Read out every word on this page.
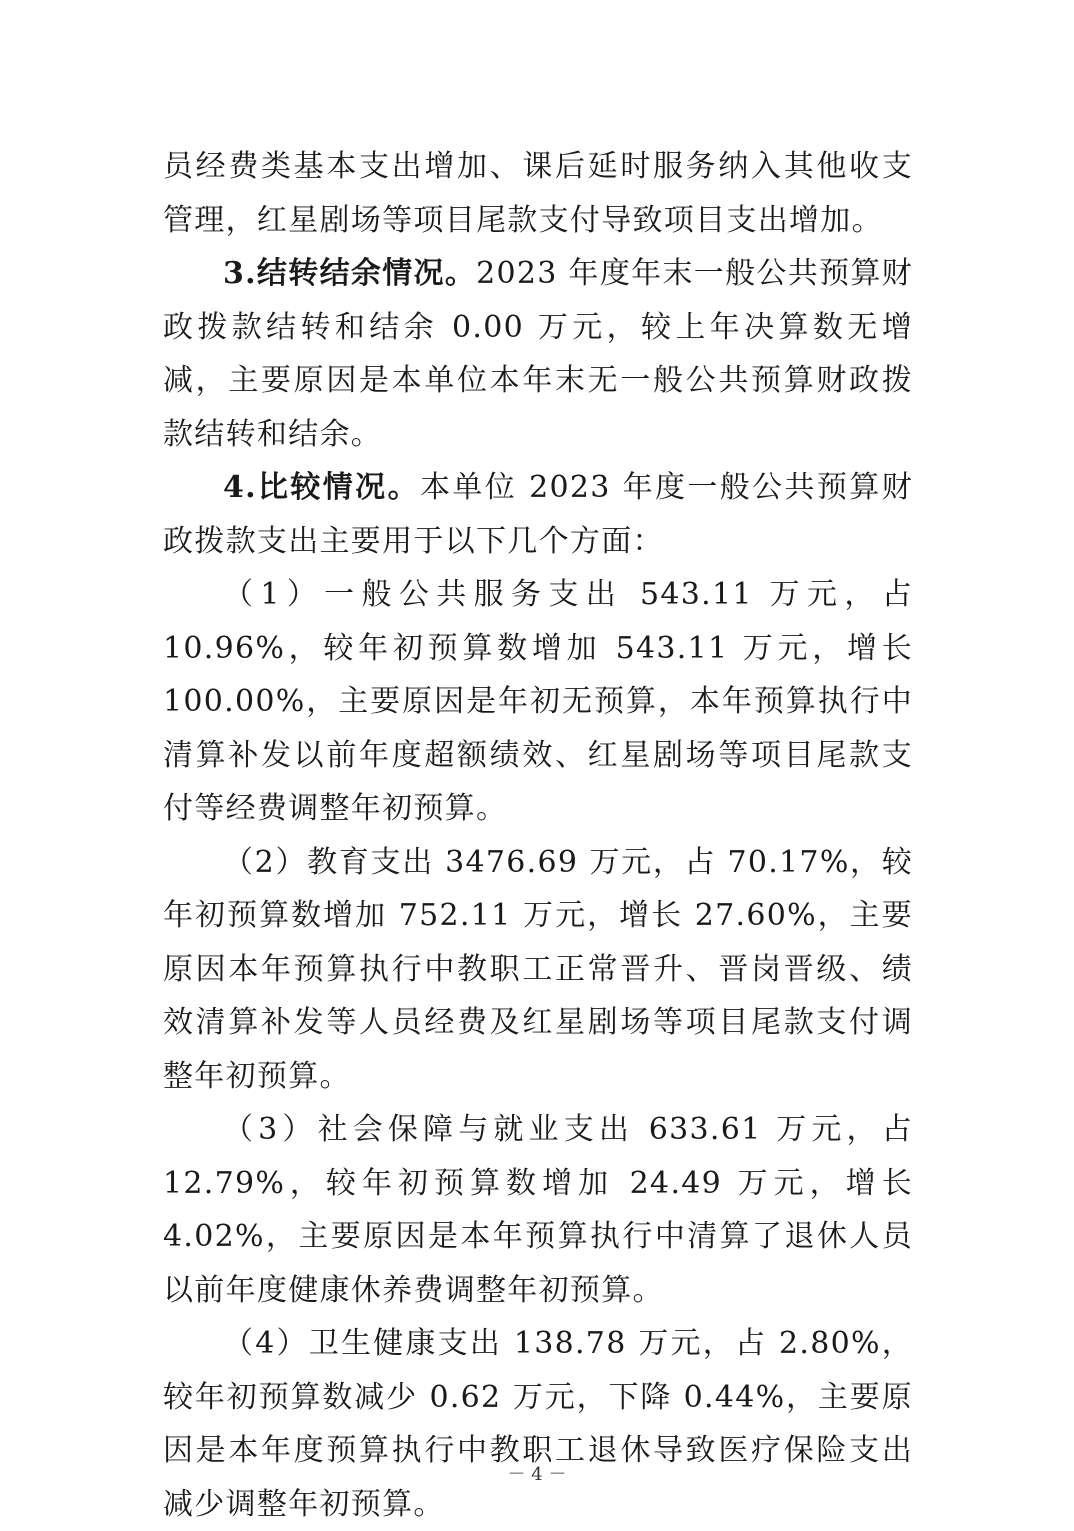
员经费类基本支出增加、课后延时服务纳入其他收支管理，红星剧场等项目尾款支付导致项目支出增加。

3.结转结余情况。2023 年度年末一般公共预算财政拨款结转和结余 0.00 万元，较上年决算数无增减，主要原因是本单位本年末无一般公共预算财政拨款结转和结余。

4.比较情况。本单位 2023 年度一般公共预算财政拨款支出主要用于以下几个方面：

（1）一般公共服务支出 543.11 万元，占 10.96%，较年初预算数增加 543.11 万元，增长 100.00%，主要原因是年初无预算，本年预算执行中清算补发以前年度超额绩效、红星剧场等项目尾款支付等经费调整年初预算。

（2）教育支出 3476.69 万元，占 70.17%，较年初预算数增加 752.11 万元，增长 27.60%，主要原因本年预算执行中教职工正常晋升、晋岗晋级、绩效清算补发等人员经费及红星剧场等项目尾款支付调整年初预算。

（3）社会保障与就业支出 633.61 万元，占 12.79%，较年初预算数增加 24.49 万元，增长 4.02%，主要原因是本年预算执行中清算了退休人员以前年度健康休养费调整年初预算。

（4）卫生健康支出 138.78 万元，占 2.80%，较年初预算数减少 0.62 万元，下降 0.44%，主要原因是本年度预算执行中教职工退休导致医疗保险支出减少调整年初预算。

－ 4 －
